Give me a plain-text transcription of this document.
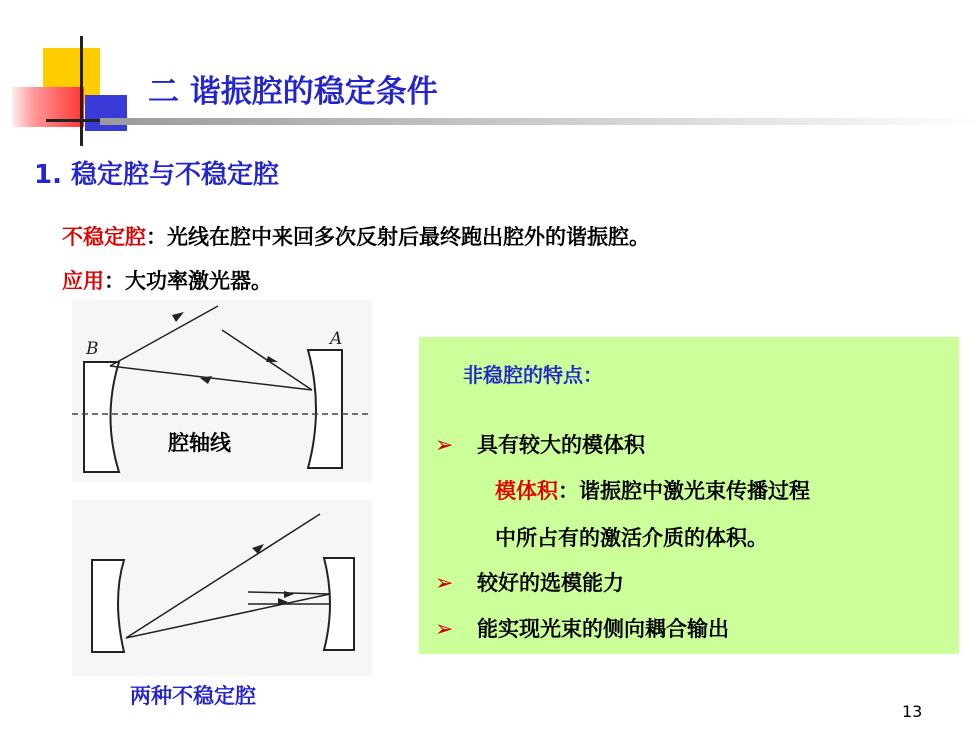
二 谐振腔的稳定条件
1. 稳定腔与不稳定腔
不稳定腔：光线在腔中来回多次反射后最终跑出腔外的谐振腔。
应用：大功率激光器。
B	A
腔轴线
两种不稳定腔
非稳腔的特点：
➢ 具有较大的模体积
模体积：谐振腔中激光束传播过程
中所占有的激活介质的体积。
➢ 较好的选模能力
➢ 能实现光束的侧向耦合输出
13
